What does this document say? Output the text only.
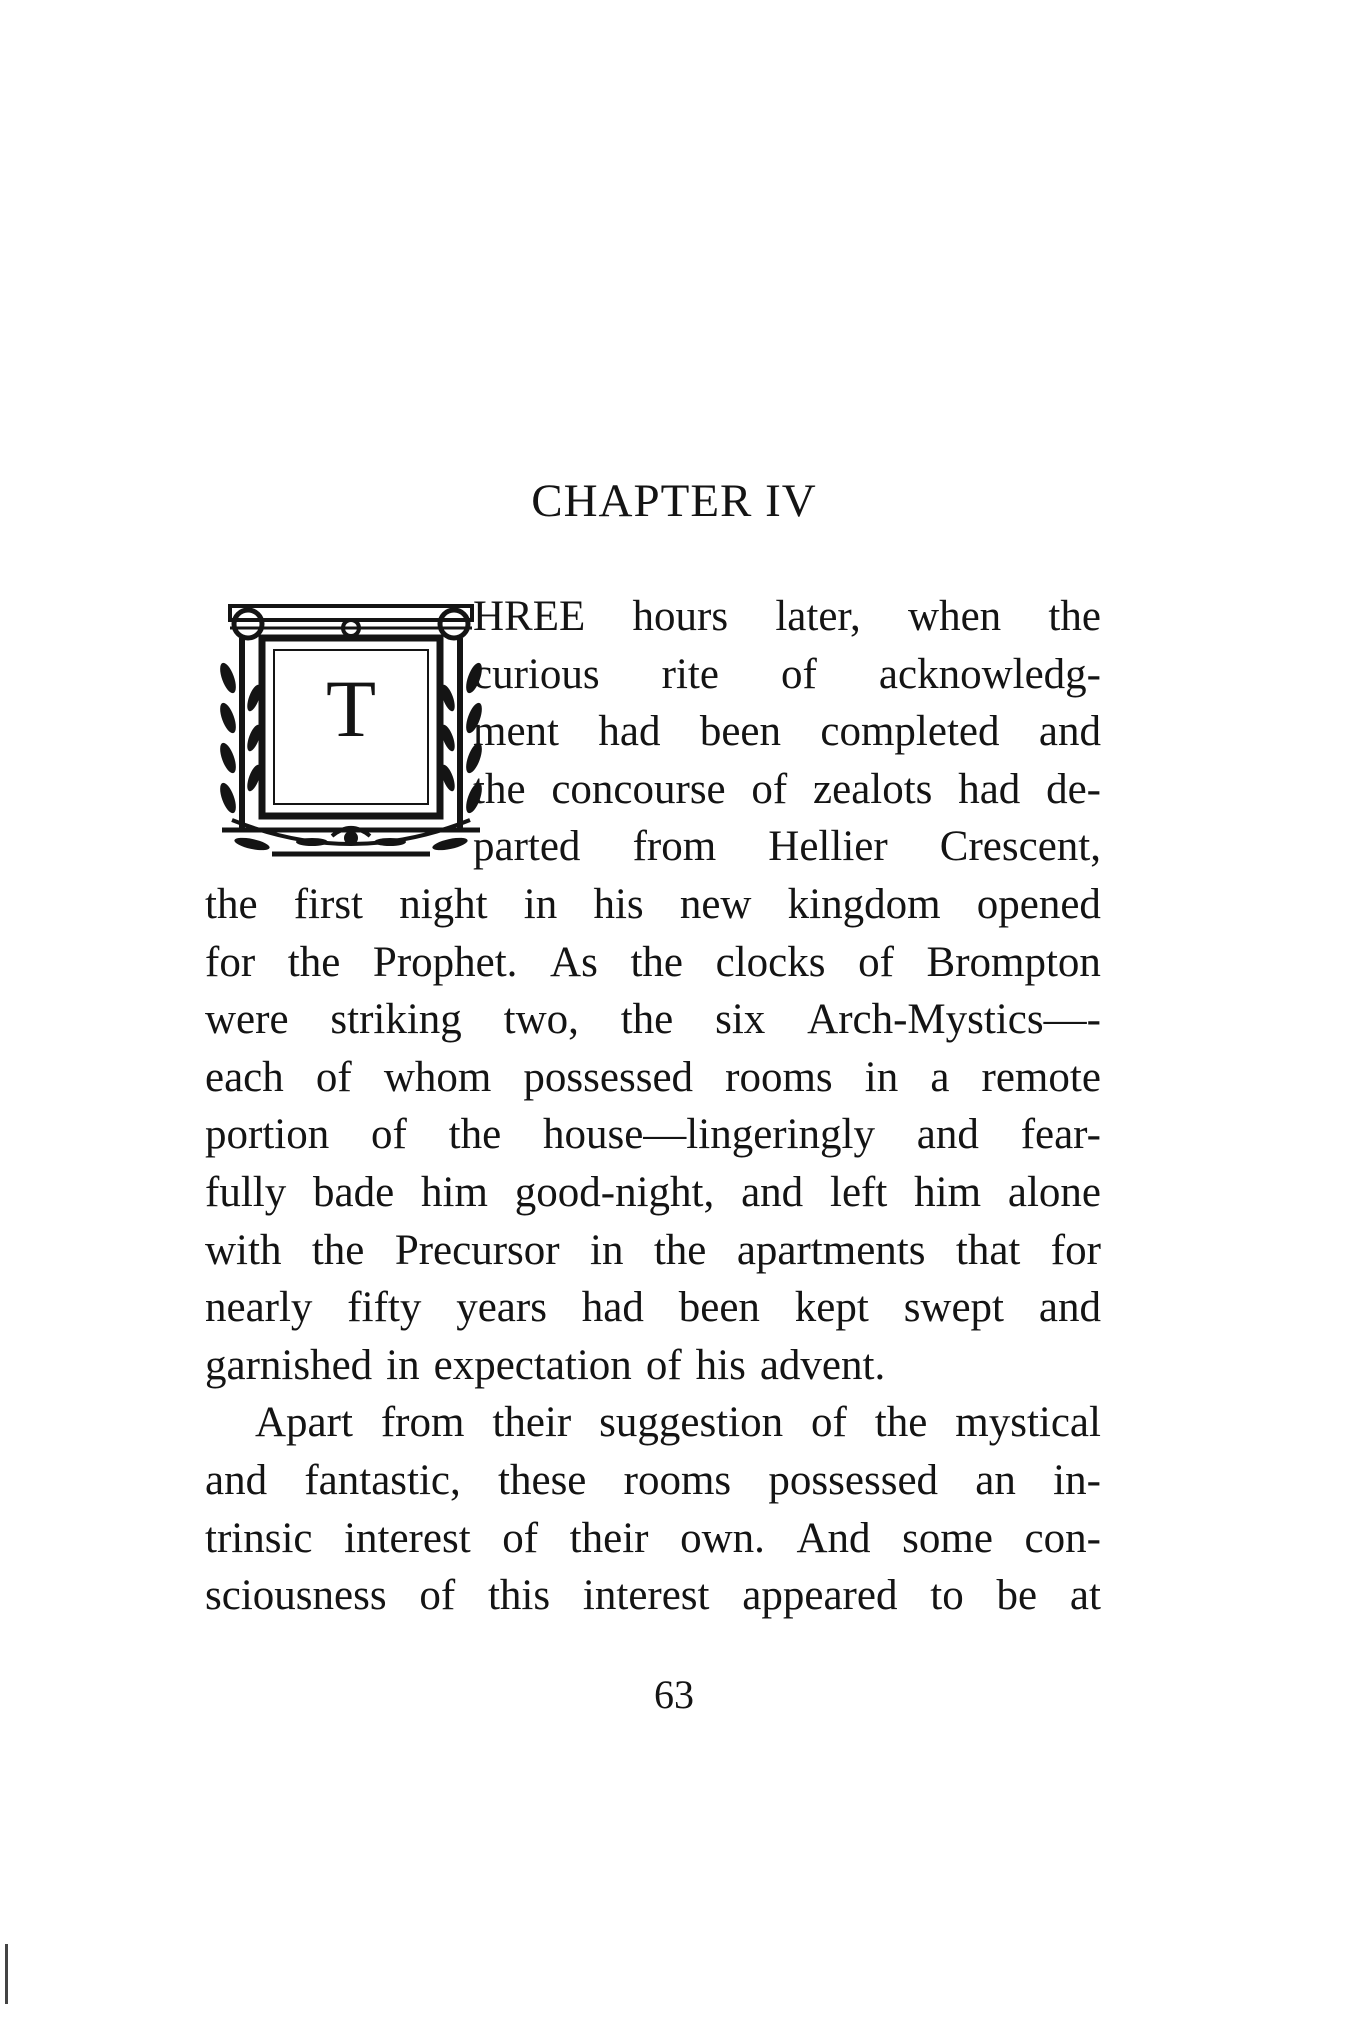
CHAPTER IV
T
HREE hours later, when the
curious rite of acknowledg-
ment had been completed and
the concourse of zealots had de-
parted from Hellier Crescent,
the first night in his new kingdom opened
for the Prophet. As the clocks of Brompton
were striking two, the six Arch-Mystics—-
each of whom possessed rooms in a remote
portion of the house—lingeringly and fear-
fully bade him good-night, and left him alone
with the Precursor in the apartments that for
nearly fifty years had been kept swept and
garnished in expectation of his advent.
Apart from their suggestion of the mystical
and fantastic, these rooms possessed an in-
trinsic interest of their own. And some con-
sciousness of this interest appeared to be at
63
